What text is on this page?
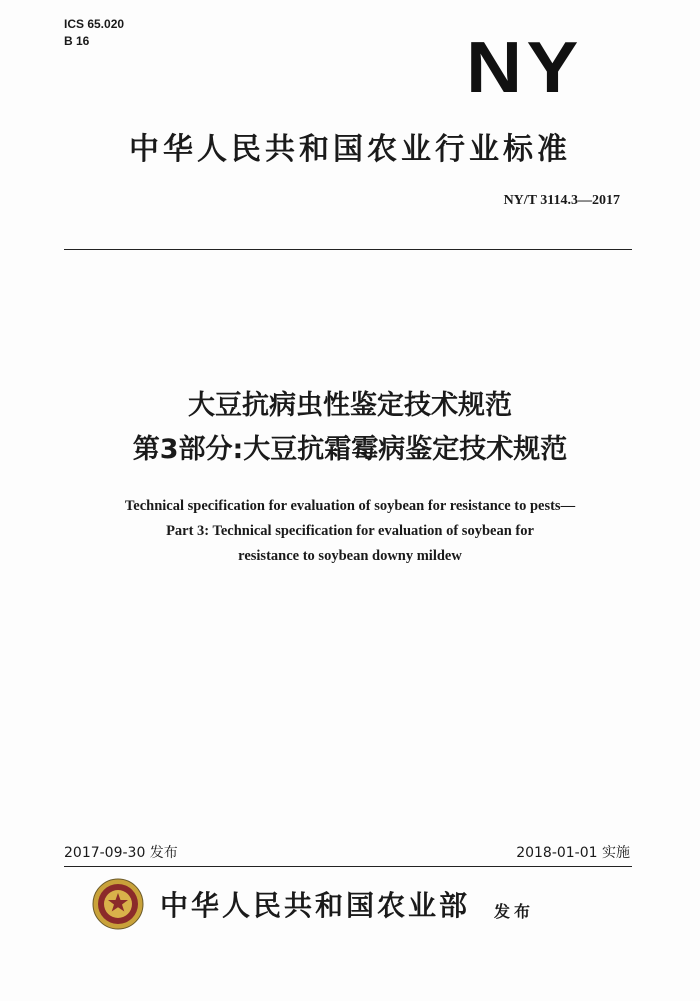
ICS 65.020
B 16	NY
中华人民共和国农业行业标准
NY/T 3114.3—2017
大豆抗病虫性鉴定技术规范
第3部分:大豆抗霜霉病鉴定技术规范
Technical specification for evaluation of soybean for resistance to pests—
Part 3: Technical specification for evaluation of soybean for
resistance to soybean downy mildew
2017-09-30 发布	2018-01-01 实施
中华人民共和国农业部 发布
